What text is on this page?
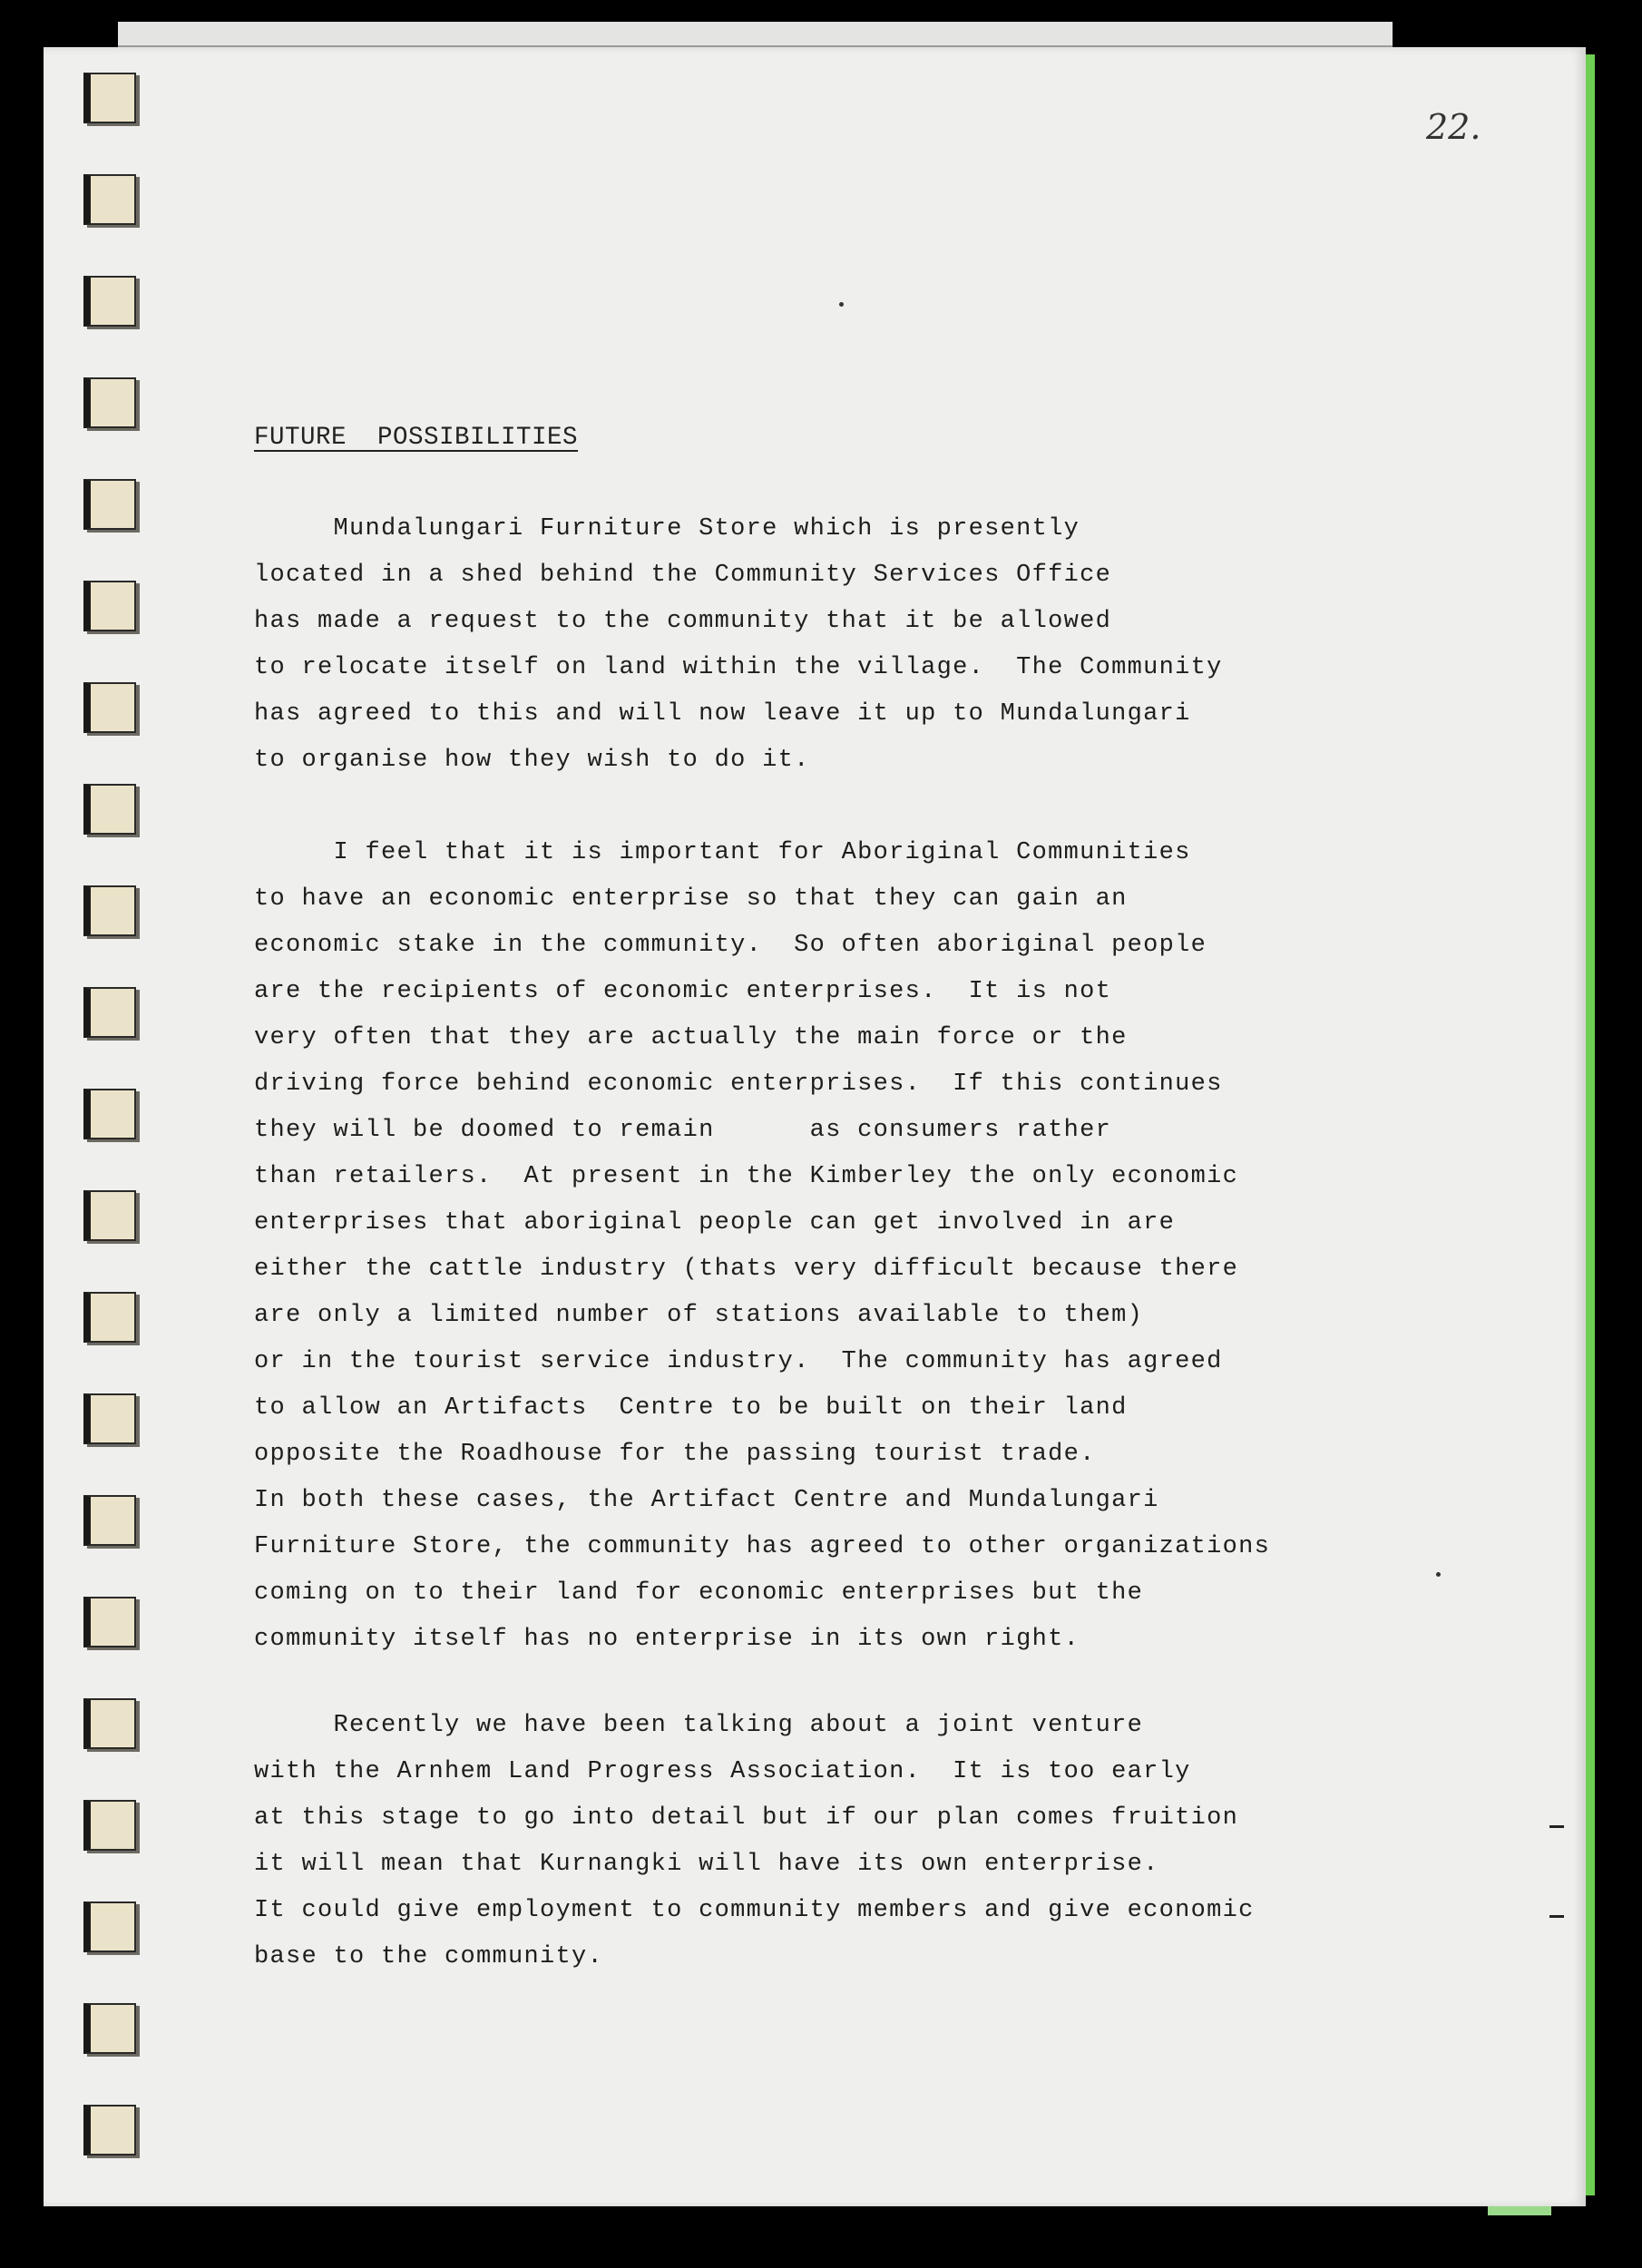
22.
FUTURE  POSSIBILITIES
Mundalungari Furniture Store which is presently
located in a shed behind the Community Services Office
has made a request to the community that it be allowed
to relocate itself on land within the village.  The Community
has agreed to this and will now leave it up to Mundalungari
to organise how they wish to do it.
I feel that it is important for Aboriginal Communities
to have an economic enterprise so that they can gain an
economic stake in the community.  So often aboriginal people
are the recipients of economic enterprises.  It is not
very often that they are actually the main force or the
driving force behind economic enterprises.  If this continues
they will be doomed to remain      as consumers rather
than retailers.  At present in the Kimberley the only economic
enterprises that aboriginal people can get involved in are
either the cattle industry (thats very difficult because there
are only a limited number of stations available to them)
or in the tourist service industry.  The community has agreed
to allow an Artifacts  Centre to be built on their land
opposite the Roadhouse for the passing tourist trade.
In both these cases, the Artifact Centre and Mundalungari
Furniture Store, the community has agreed to other organizations
coming on to their land for economic enterprises but the
community itself has no enterprise in its own right.
Recently we have been talking about a joint venture
with the Arnhem Land Progress Association.  It is too early
at this stage to go into detail but if our plan comes fruition
it will mean that Kurnangki will have its own enterprise.
It could give employment to community members and give economic
base to the community.
